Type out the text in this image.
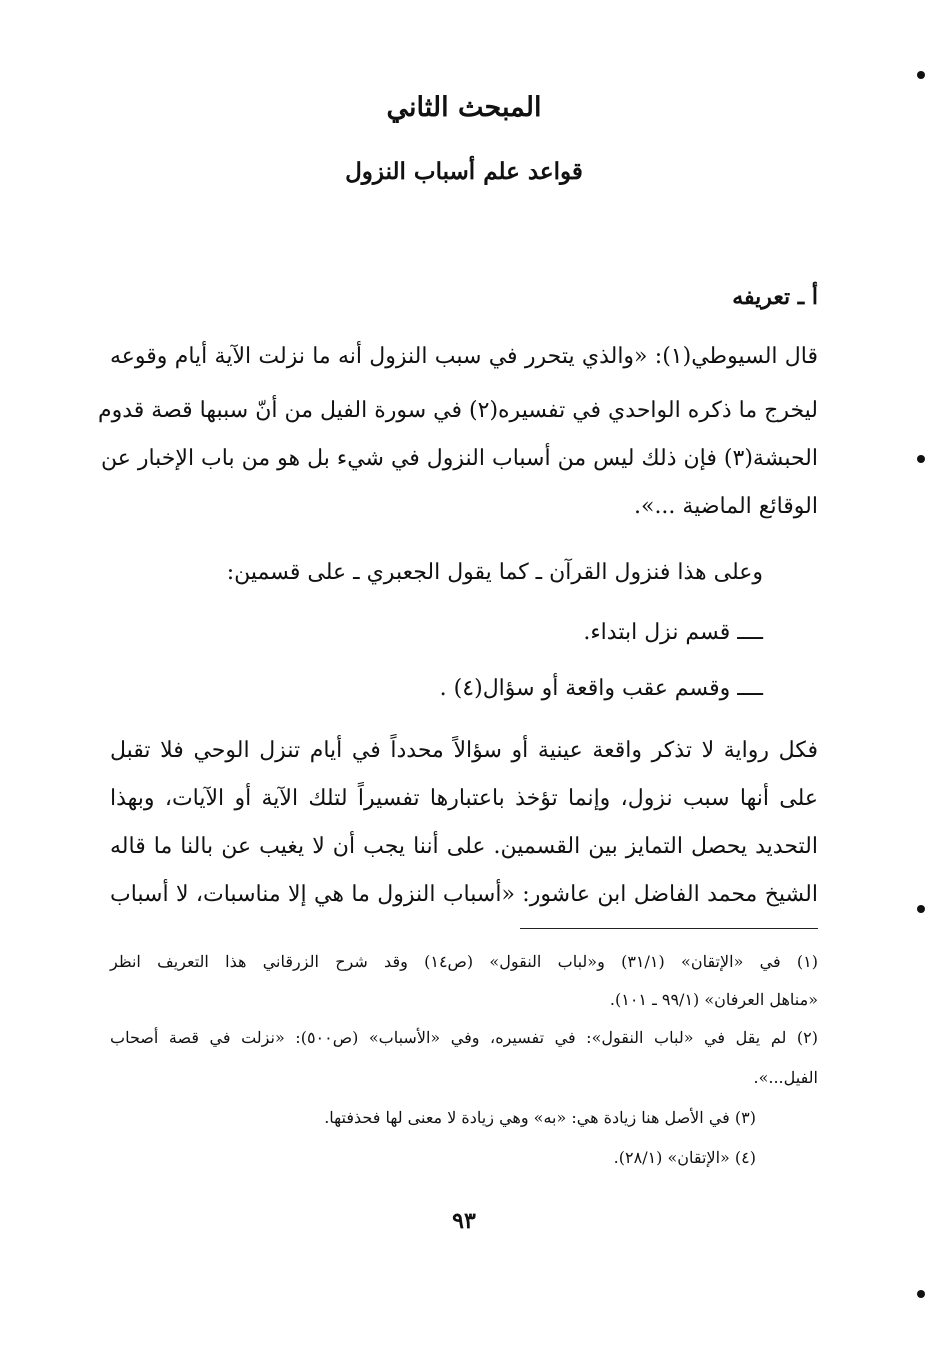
المبحث الثاني
قواعد علم أسباب النزول
أ ـ تعريفه

قال السيوطي⁨(١)⁩: «والذي يتحرر في سبب النزول أنه ما نزلت الآية أيام وقوعه

ليخرج ما ذكره الواحدي في تفسيره⁨(٢)⁩ في سورة الفيل من أنّ سببها قصة قدوم

الحبشة⁨(٣)⁩ فإن ذلك ليس من أسباب النزول في شيء بل هو من باب الإخبار عن

الوقائع الماضية ...».

وعلى هذا فنزول القرآن ـ كما يقول الجعبري ـ على قسمين:

ــــ قسم نزل ابتداء.

ــــ وقسم عقب واقعة أو سؤال⁨(٤)⁩ .

فكل رواية لا تذكر واقعة عينية أو سؤالاً محدداً في أيام تنزل الوحي فلا تقبل

على أنها سبب نزول، وإنما تؤخذ باعتبارها تفسيراً لتلك الآية أو الآيات، وبهذا

التحديد يحصل التمايز بين القسمين. على أننا يجب أن لا يغيب عن بالنا ما قاله

الشيخ محمد الفاضل ابن عاشور: «أسباب النزول ما هي إلا مناسبات، لا أسباب

(١) في «الإتقان» (٣١/١) و«لباب النقول» (ص١٤) وقد شرح الزرقاني هذا التعريف انظر

«مناهل العرفان» (٩٩/١ ـ ١٠١).

(٢) لم يقل في «لباب النقول»: في تفسيره، وفي «الأسباب» (ص٥٠٠): «نزلت في قصة أصحاب

الفيل...».

(٣) في الأصل هنا زيادة هي: «به» وهي زيادة لا معنى لها فحذفتها.

(٤) «الإتقان» (٢٨/١).

٩٣
